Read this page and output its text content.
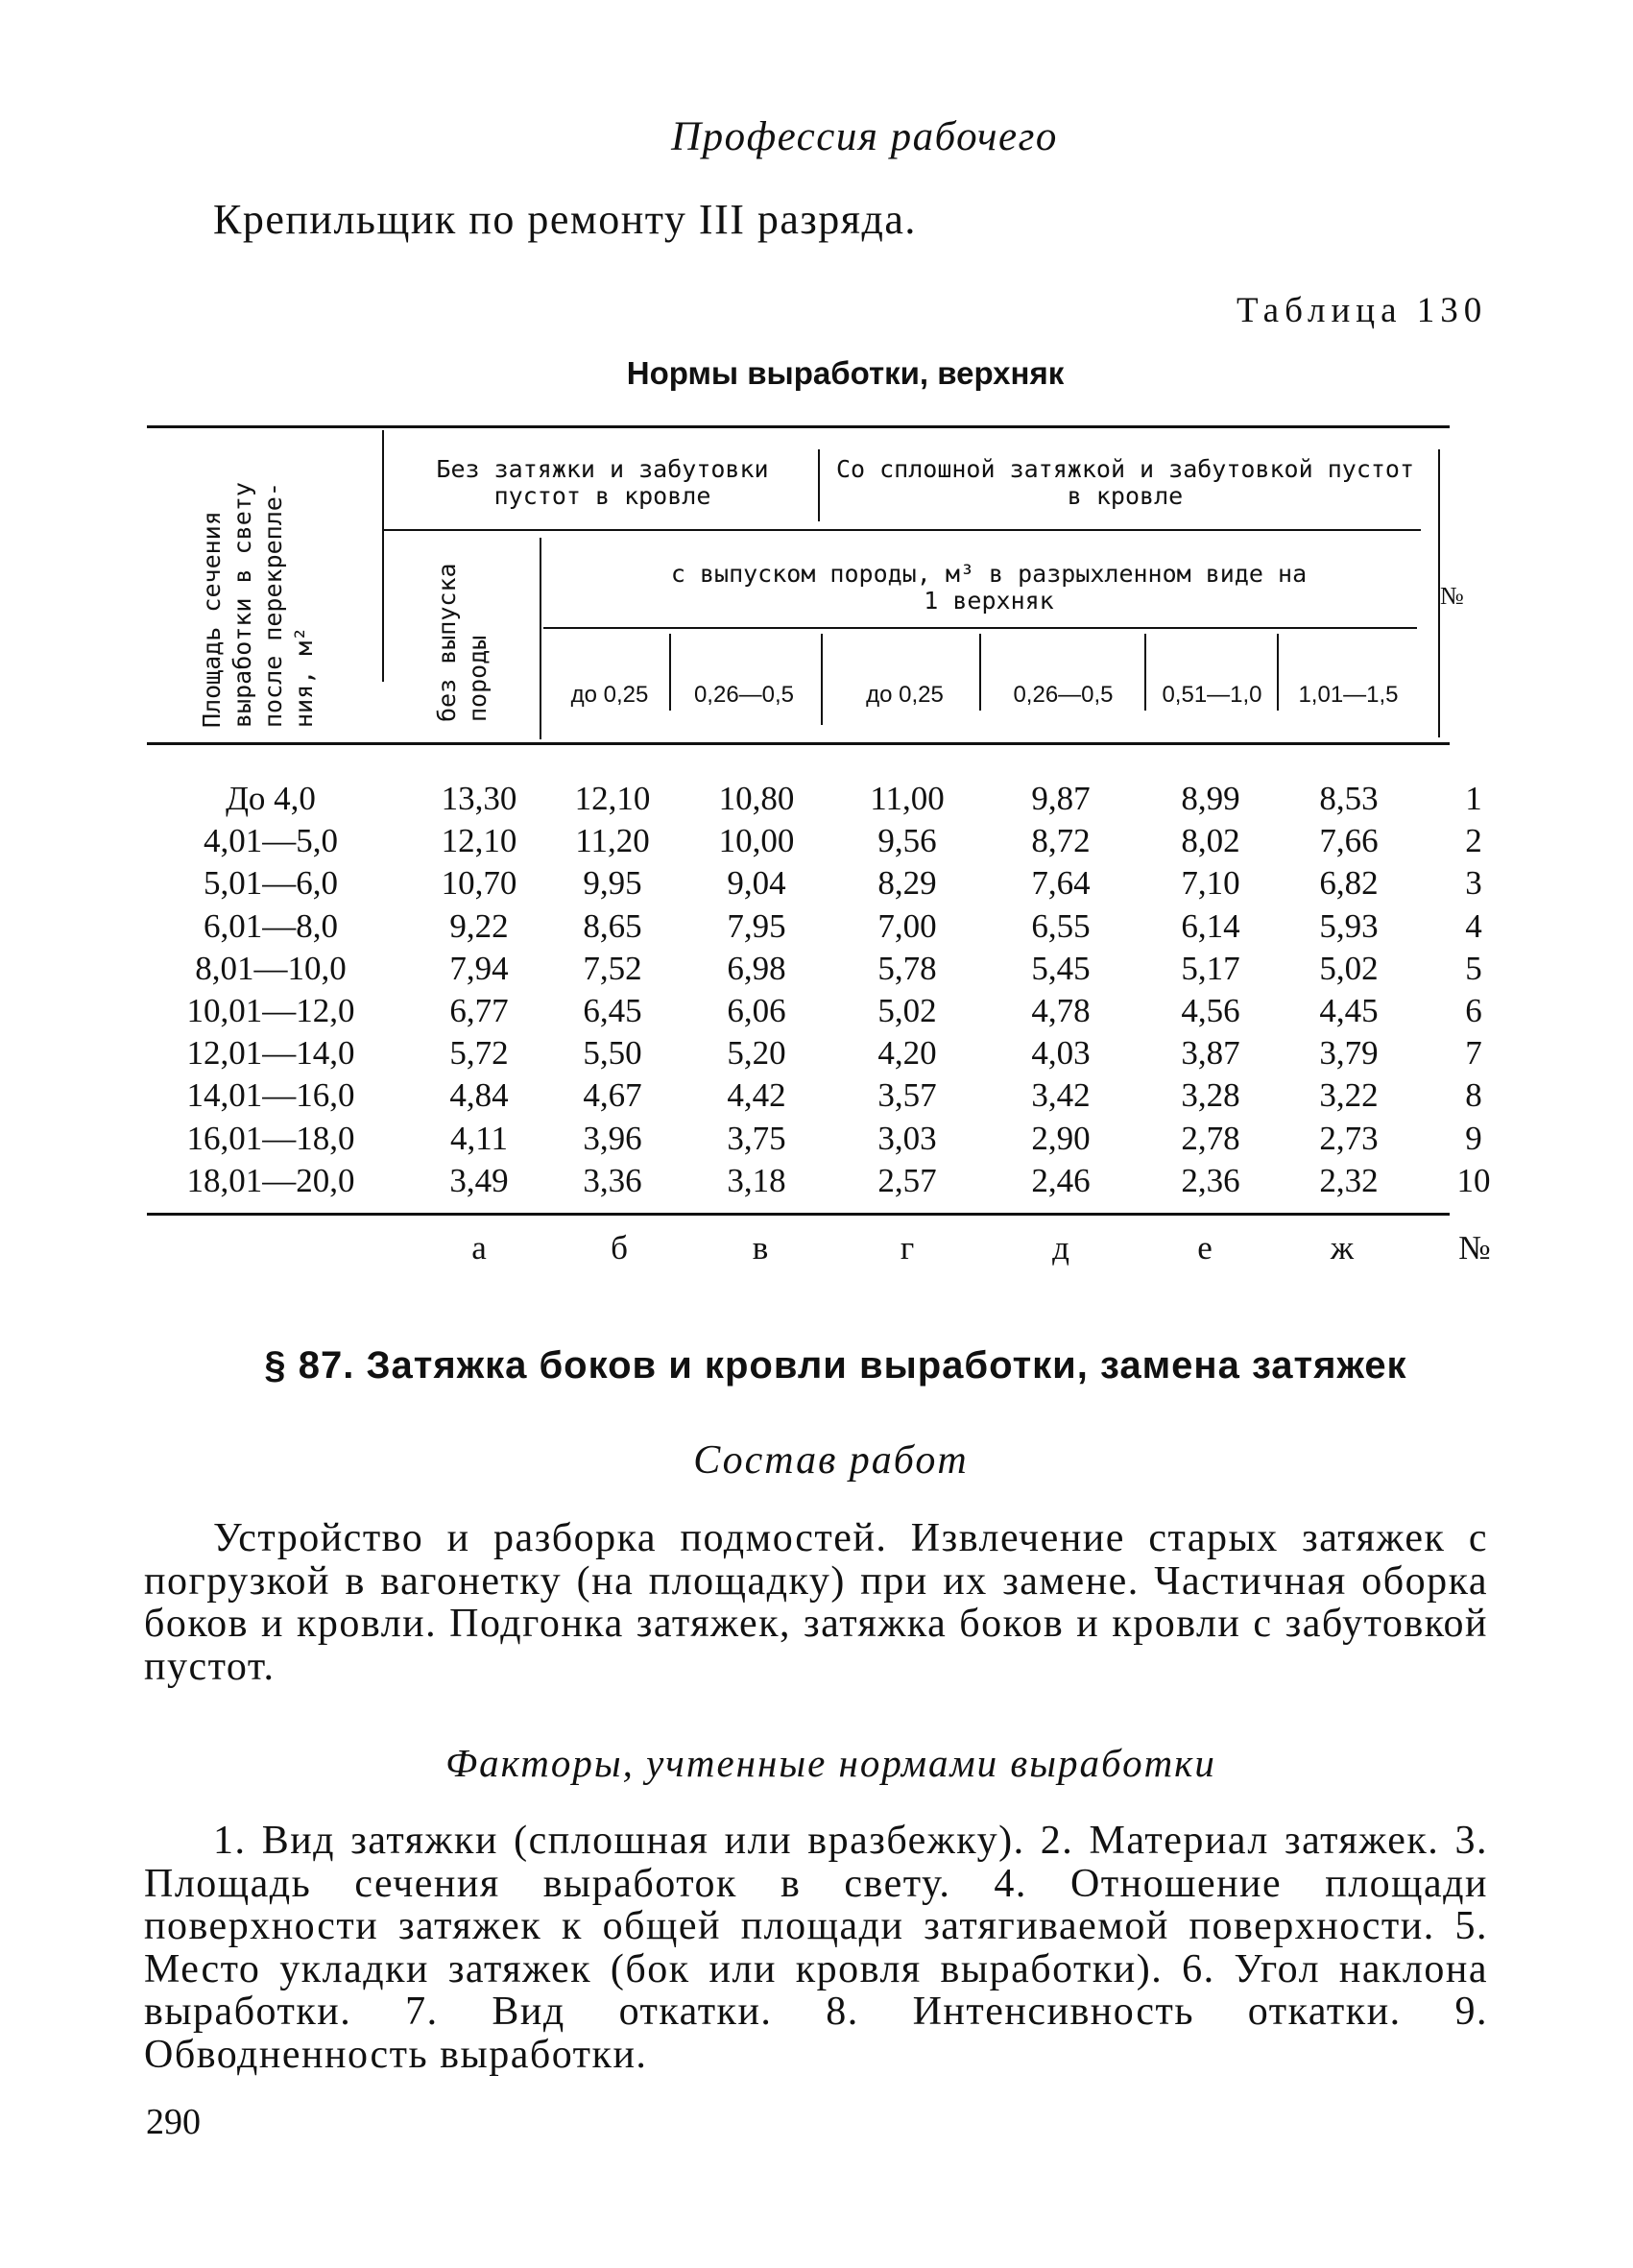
Профессия рабочего
Крепильщик по ремонту III разряда.
Таблица 130
Нормы выработки, верхняк
Площадь сечения выработки в свету после перекрепле- ния, м²
Без затяжки и забутовки пустот в кровле
Со сплошной затяжкой и забутовкой пустот в кровле
без выпуска породы
с выпуском породы, м³ в разрыхленном виде на 1 верхняк	№
до 0,25	0,26—0,5	до 0,25	0,26—0,5	0,51—1,0	1,01—1,5
До 4,0	13,30	12,10	10,80	11,00	9,87	8,99	8,53	1
4,01—5,0	12,10	11,20	10,00	9,56	8,72	8,02	7,66	2
5,01—6,0	10,70	9,95	9,04	8,29	7,64	7,10	6,82	3
6,01—8,0	9,22	8,65	7,95	7,00	6,55	6,14	5,93	4
8,01—10,0	7,94	7,52	6,98	5,78	5,45	5,17	5,02	5
10,01—12,0	6,77	6,45	6,06	5,02	4,78	4,56	4,45	6
12,01—14,0	5,72	5,50	5,20	4,20	4,03	3,87	3,79	7
14,01—16,0	4,84	4,67	4,42	3,57	3,42	3,28	3,22	8
16,01—18,0	4,11	3,96	3,75	3,03	2,90	2,78	2,73	9
18,01—20,0	3,49	3,36	3,18	2,57	2,46	2,36	2,32	10
а	б	в	г	д	е	ж	№
§ 87. Затяжка боков и кровли выработки, замена затяжек
Состав работ
Устройство и разборка подмостей. Извлечение старых затяжек с погрузкой в вагонетку (на площадку) при их замене. Частичная оборка боков и кровли. Подгонка затяжек, затяжка боков и кровли с забутовкой пустот.
Факторы, учтенные нормами выработки
1. Вид затяжки (сплошная или вразбежку). 2. Материал затяжек. 3. Площадь сечения выработок в свету. 4. Отношение площади поверхности затяжек к общей площади затягиваемой поверхности. 5. Место укладки затяжек (бок или кровля выработки). 6. Угол наклона выработки. 7. Вид откатки. 8. Интенсивность откатки. 9. Обводненность выработки.
290
